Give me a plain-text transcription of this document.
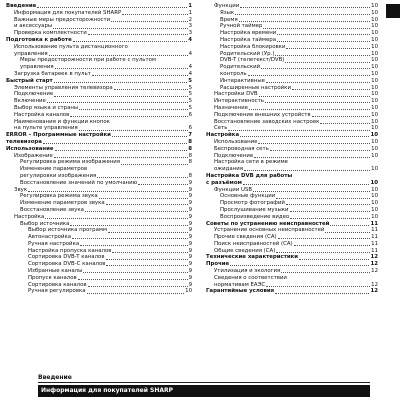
Введение	1
Информация для покупателей SHARP	1
Важные меры предосторожности	2
и аксессуары	3
Проверка комплектности	3
Подготовка к работе	4
Использование пульта дистанционного
управления	4
Меры предосторожности при работе с пультом
управления	4
Загрузка батареек в пульт	4
Быстрый старт	5
Элементы управления телевизора	5
Подключение	5
Включение	5
Выбор языка и страны	5
Настройка каналов	6
Наименования и функции кнопок
на пульте управления	6
ERROR – Программные настройки	7
телевизора	8
Использование	8
Изображение	8
Регулировка режима изображения	8
Изменение параметров
регулировки изображения	8
Восстановление значений по умолчанию	9
Звук	9
Регулировка режима звука	9
Изменение параметров звука	9
Восстановление звука	9
Настройка	9
Выбор источника	9
Выбор источника программ	9
Автонастройка	9
Ручная настройка	9
Настройка пропуска каналов	9
Сортировка DVB-T каналов	9
Сортировка DVB-C каналов	9
Избранные каналы	9
Пропуск каналов	9
Сортировка каналов	9
Ручная регулировка	10
Функции	10
Язык	10
Время	10
Ручной таймер	10
Настройка времени	10
Настройка таймера	10
Настройка блокировки	10
Родительский (Ур.)	10
DVB-T (телетекст/DVB)	10
Родительский	10
контроль	10
Интерактивные	10
Расширенные настройки	10
Настройки DVB	10
Интерактивность	10
Назначение	10
Подключение внешних устройств	10
Восстановление заводских настроек	10
Сеть	10
Настройка	10
Использование	10
Беспроводная сеть	10
Подключение	10
Настройка сети в режиме
ожидания	10
Настройка DVB для работы
с разъёмом	10
Функции USB	10
Основные функции	10
Просмотр фотографий	10
Прослушивание музыки	10
Воспроизведение видео	10
Советы по устранению неисправностей	11
Устранение основных неисправностей	11
Прочие сведения (CA)	11
Поиск неисправностей (CA)	11
Общие сведения (CA)	11
Технические характеристики	12
Прочие	12
Утилизация и экология	12
Сведения о соответствии
нормативам ЕАЭС	12
Гарантийные условия	12
Введение
Информация для покупателей SHARP
